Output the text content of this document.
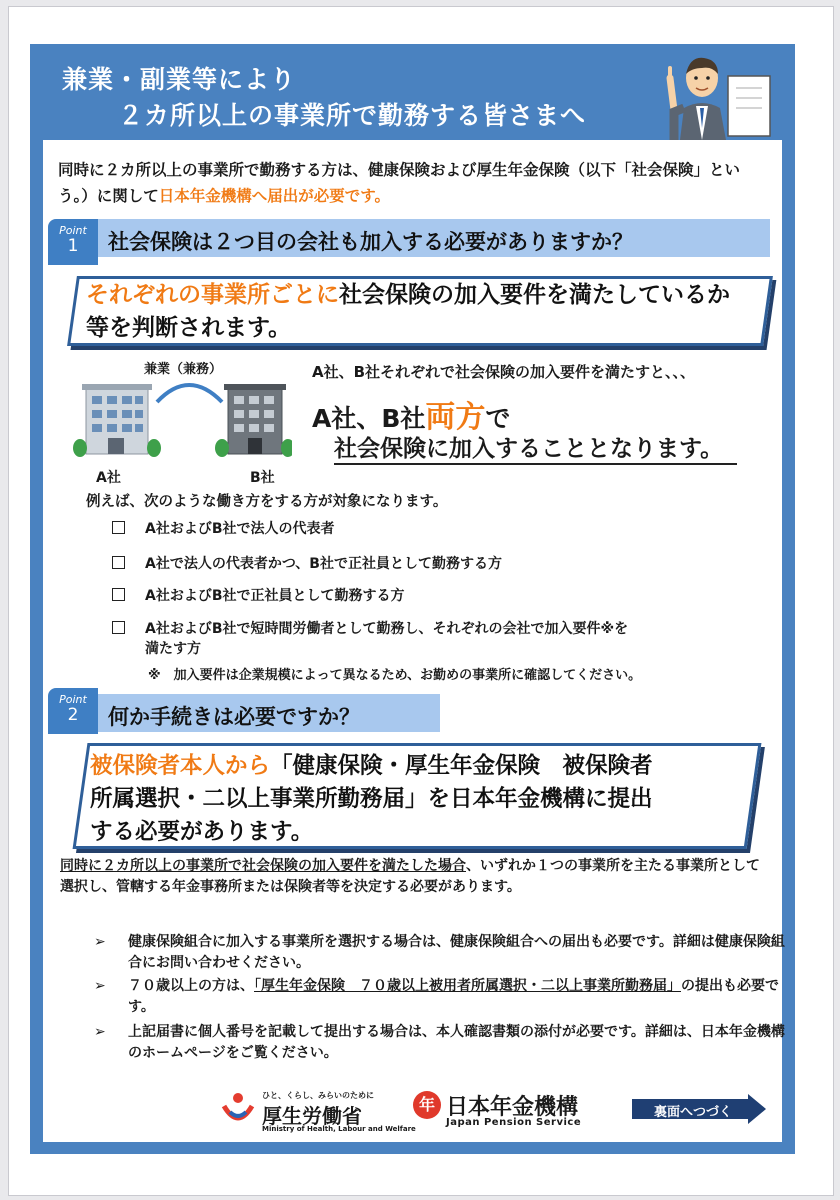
兼業・副業等により
２カ所以上の事業所で勤務する皆さまへ
同時に２カ所以上の事業所で勤務する方は、健康保険および厚生年金保険（以下「社会保険」という。）に関して日本年金機構へ届出が必要です。
Point
1	社会保険は２つ目の会社も加入する必要がありますか？
それぞれの事業所ごとに社会保険の加入要件を満たしているか等を判断されます。
兼業（兼務）
A社	B社
A社、B社それぞれで社会保険の加入要件を満たすと、、、
A社、B社両方で
社会保険に加入することとなります。
例えば、次のような働き方をする方が対象になります。
A社およびB社で法人の代表者
A社で法人の代表者かつ、B社で正社員として勤務する方
A社およびB社で正社員として勤務する方
A社およびB社で短時間労働者として勤務し、それぞれの会社で加入要件※を
満たす方
※　 加入要件は企業規模によって異なるため、お勤めの事業所に確認してください。
Point
2	何か手続きは必要ですか？
被保険者本人から「健康保険・厚生年金保険　被保険者
所属選択・二以上事業所勤務届」を日本年金機構に提出
する必要があります。
同時に２カ所以上の事業所で社会保険の加入要件を満たした場合、いずれか１つの事業所を主たる事業所として選択し、管轄する年金事務所または保険者等を決定する必要があります。
➢ 健康保険組合に加入する事業所を選択する場合は、健康保険組合への届出も必要です。詳細は健康保険組合にお問い合わせください。
➢ ７０歳以上の方は、「厚生年金保険　７０歳以上被用者所属選択・二以上事業所勤務届」の提出も必要です。
➢ 上記届書に個人番号を記載して提出する場合は、本人確認書類の添付が必要です。詳細は、日本年金機構のホームページをご覧ください。
ひと、くらし、みらいのために
厚生労働省
Ministry of Health, Labour and Welfare
年 日本年金機構
Japan Pension Service
裏面へつづく
